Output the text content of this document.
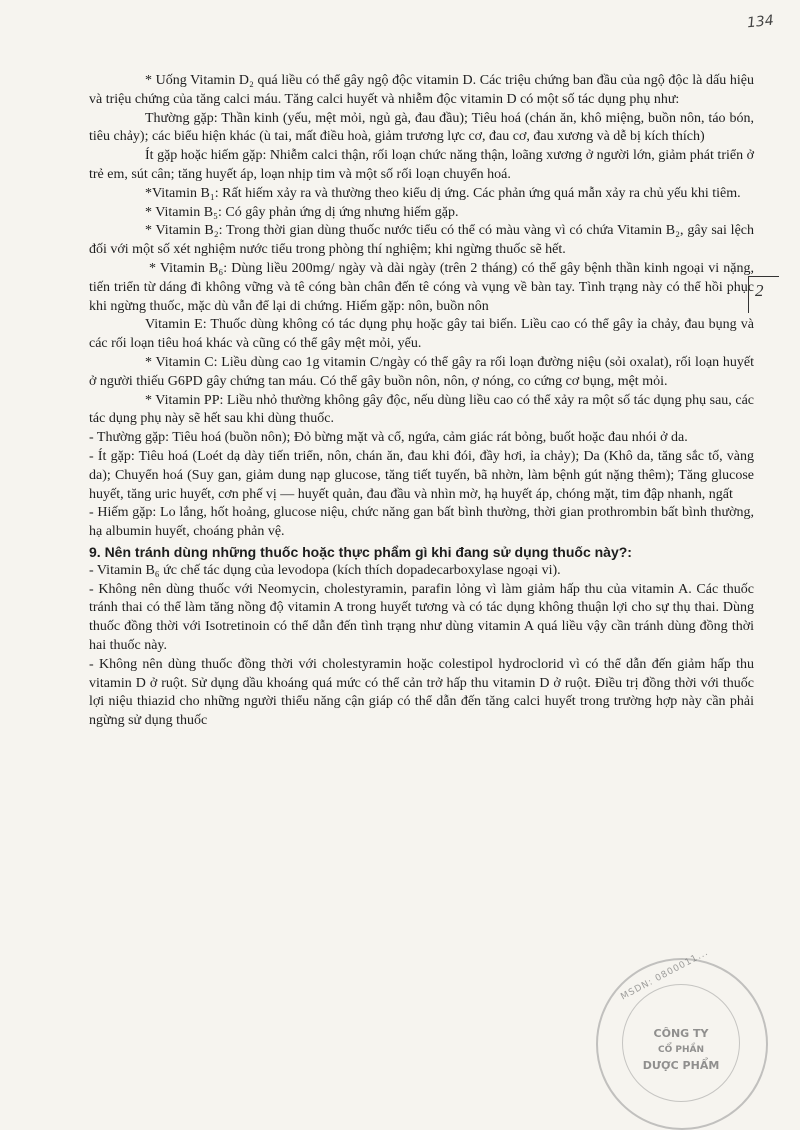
134
2

* Uống Vitamin D₂ quá liều có thể gây ngộ độc vitamin D. Các triệu chứng ban đầu của ngộ độc là dấu hiệu và triệu chứng của tăng calci máu. Tăng calci huyết và nhiễm độc vitamin D có một số tác dụng phụ như:

Thường gặp: Thần kinh (yếu, mệt mỏi, ngủ gà, đau đầu); Tiêu hoá (chán ăn, khô miệng, buồn nôn, táo bón, tiêu chảy); các biểu hiện khác (ù tai, mất điều hoà, giảm trương lực cơ, đau cơ, đau xương và dễ bị kích thích)

Ít gặp hoặc hiếm gặp: Nhiễm calci thận, rối loạn chức năng thận, loãng xương ở người lớn, giảm phát triển ở trẻ em, sút cân; tăng huyết áp, loạn nhịp tim và một số rối loạn chuyển hoá.

*Vitamin B₁: Rất hiếm xảy ra và thường theo kiểu dị ứng. Các phản ứng quá mẫn xảy ra chủ yếu khi tiêm.

* Vitamin B₅: Có gây phản ứng dị ứng nhưng hiếm gặp.

* Vitamin B₂: Trong thời gian dùng thuốc nước tiểu có thể có màu vàng vì có chứa Vitamin B₂, gây sai lệch đối với một số xét nghiệm nước tiểu trong phòng thí nghiệm; khi ngừng thuốc sẽ hết.

* Vitamin B₆: Dùng liều 200mg/ ngày và dài ngày (trên 2 tháng) có thể gây bệnh thần kinh ngoại vi nặng, tiến triển từ dáng đi không vững và tê cóng bàn chân đến tê cóng và vụng về bàn tay. Tình trạng này có thể hồi phục khi ngừng thuốc, mặc dù vẫn để lại di chứng. Hiếm gặp: nôn, buồn nôn

Vitamin E: Thuốc dùng không có tác dụng phụ hoặc gây tai biến. Liều cao có thể gây ỉa chảy, đau bụng và các rối loạn tiêu hoá khác và cũng có thể gây mệt mỏi, yếu.

* Vitamin C: Liều dùng cao 1g vitamin C/ngày có thể gây ra rối loạn đường niệu (sỏi oxalat), rối loạn huyết ở người thiếu G6PD gây chứng tan máu. Có thể gây buồn nôn, nôn, ợ nóng, co cứng cơ bụng, mệt mỏi.

* Vitamin PP: Liều nhỏ thường không gây độc, nếu dùng liều cao có thể xảy ra một số tác dụng phụ sau, các tác dụng phụ này sẽ hết sau khi dùng thuốc.

- Thường gặp: Tiêu hoá (buồn nôn); Đỏ bừng mặt và cổ, ngứa, cảm giác rát bỏng, buốt hoặc đau nhói ở da.

- Ít gặp: Tiêu hoá (Loét dạ dày tiến triển, nôn, chán ăn, đau khi đói, đầy hơi, ỉa chảy); Da (Khô da, tăng sắc tố, vàng da); Chuyển hoá (Suy gan, giảm dung nạp glucose, tăng tiết tuyến, bã nhờn, làm bệnh gút nặng thêm); Tăng glucose huyết, tăng uric huyết, cơn phế vị — huyết quản, đau đầu và nhìn mờ, hạ huyết áp, chóng mặt, tim đập nhanh, ngất

- Hiếm gặp: Lo lắng, hốt hoảng, glucose niệu, chức năng gan bất bình thường, thời gian prothrombin bất bình thường, hạ albumin huyết, choáng phản vệ.

9. Nên tránh dùng những thuốc hoặc thực phẩm gì khi đang sử dụng thuốc này?:

- Vitamin B₆ ức chế tác dụng của levodopa (kích thích dopadecarboxylase ngoại vi).

- Không nên dùng thuốc với Neomycin, cholestyramin, parafin lỏng vì làm giảm hấp thu của vitamin A. Các thuốc tránh thai có thể làm tăng nồng độ vitamin A trong huyết tương và có tác dụng không thuận lợi cho sự thụ thai. Dùng thuốc đồng thời với Isotretinoin có thể dẫn đến tình trạng như dùng vitamin A quá liều vậy cần tránh dùng đồng thời hai thuốc này.

- Không nên dùng thuốc đồng thời với cholestyramin hoặc colestipol hydroclorid vì có thể dẫn đến giảm hấp thu vitamin D ở ruột. Sử dụng dầu khoáng quá mức có thể cản trở hấp thu vitamin D ở ruột. Điều trị đồng thời với thuốc lợi niệu thiazid cho những người thiểu năng cận giáp có thể dẫn đến tăng calci huyết trong trường hợp này cần phải ngừng sử dụng thuốc

MSDN: 0800011...
CÔNG TY
CỔ PHẦN
DƯỢC PHẨM
